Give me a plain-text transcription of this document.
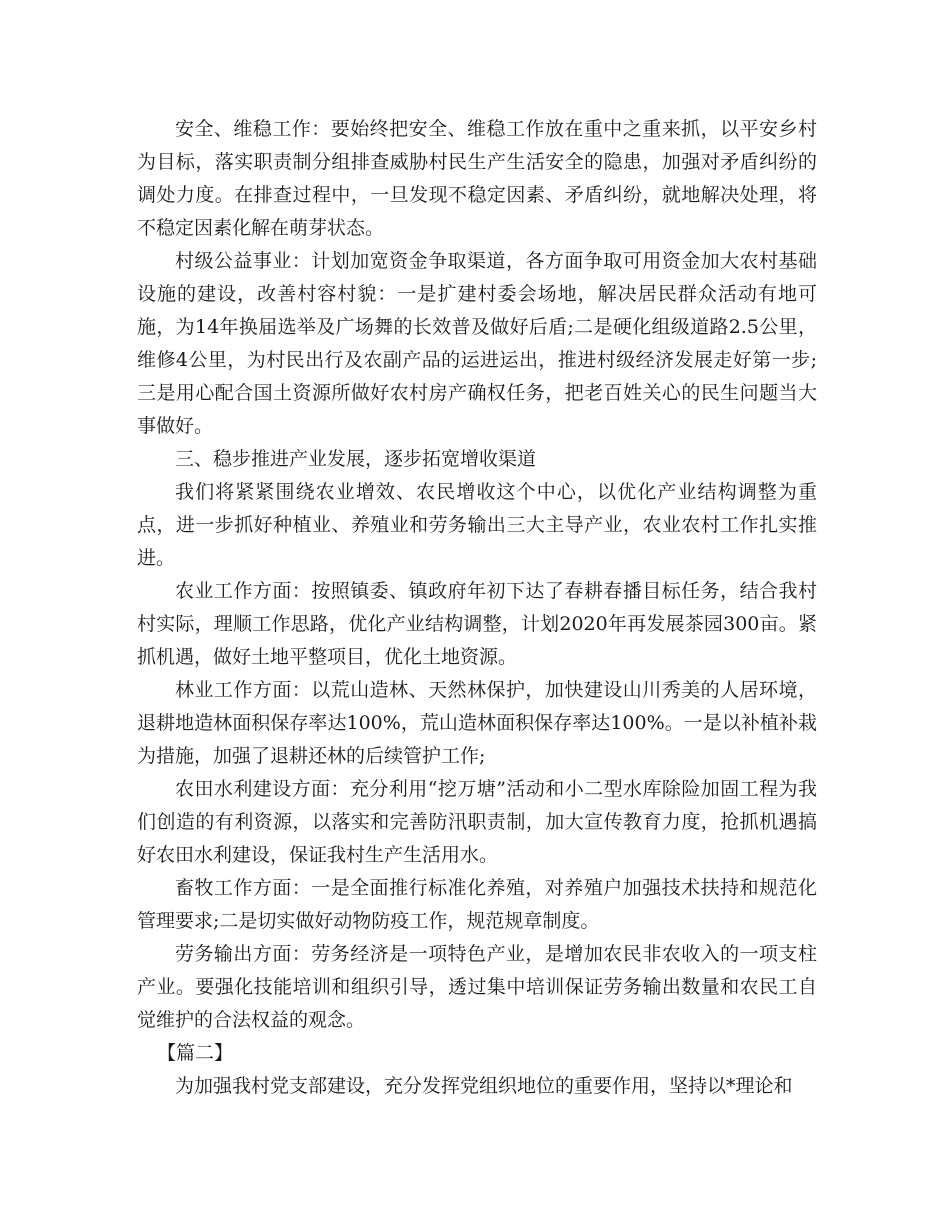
安全、维稳工作：要始终把安全、维稳工作放在重中之重来抓，以平安乡村为目标，落实职责制分组排查威胁村民生产生活安全的隐患，加强对矛盾纠纷的调处力度。在排查过程中，一旦发现不稳定因素、矛盾纠纷，就地解决处理，将不稳定因素化解在萌芽状态。

村级公益事业：计划加宽资金争取渠道，各方面争取可用资金加大农村基础设施的建设，改善村容村貌：一是扩建村委会场地，解决居民群众活动有地可施，为14年换届选举及广场舞的长效普及做好后盾;二是硬化组级道路2.5公里，维修4公里，为村民出行及农副产品的运进运出，推进村级经济发展走好第一步;三是用心配合国土资源所做好农村房产确权任务，把老百姓关心的民生问题当大事做好。

三、稳步推进产业发展，逐步拓宽增收渠道

我们将紧紧围绕农业增效、农民增收这个中心，以优化产业结构调整为重点，进一步抓好种植业、养殖业和劳务输出三大主导产业，农业农村工作扎实推进。

农业工作方面：按照镇委、镇政府年初下达了春耕春播目标任务，结合我村村实际，理顺工作思路，优化产业结构调整，计划2020年再发展茶园300亩。紧抓机遇，做好土地平整项目，优化土地资源。

林业工作方面：以荒山造林、天然林保护，加快建设山川秀美的人居环境，退耕地造林面积保存率达100%，荒山造林面积保存率达100%。一是以补植补栽为措施，加强了退耕还林的后续管护工作;

农田水利建设方面：充分利用“挖万塘”活动和小二型水库除险加固工程为我们创造的有利资源，以落实和完善防汛职责制，加大宣传教育力度，抢抓机遇搞好农田水利建设，保证我村生产生活用水。

畜牧工作方面：一是全面推行标准化养殖，对养殖户加强技术扶持和规范化管理要求;二是切实做好动物防疫工作，规范规章制度。

劳务输出方面：劳务经济是一项特色产业，是增加农民非农收入的一项支柱产业。要强化技能培训和组织引导，透过集中培训保证劳务输出数量和农民工自觉维护的合法权益的观念。

【篇二】

为加强我村党支部建设，充分发挥党组织地位的重要作用，坚持以*理论和
